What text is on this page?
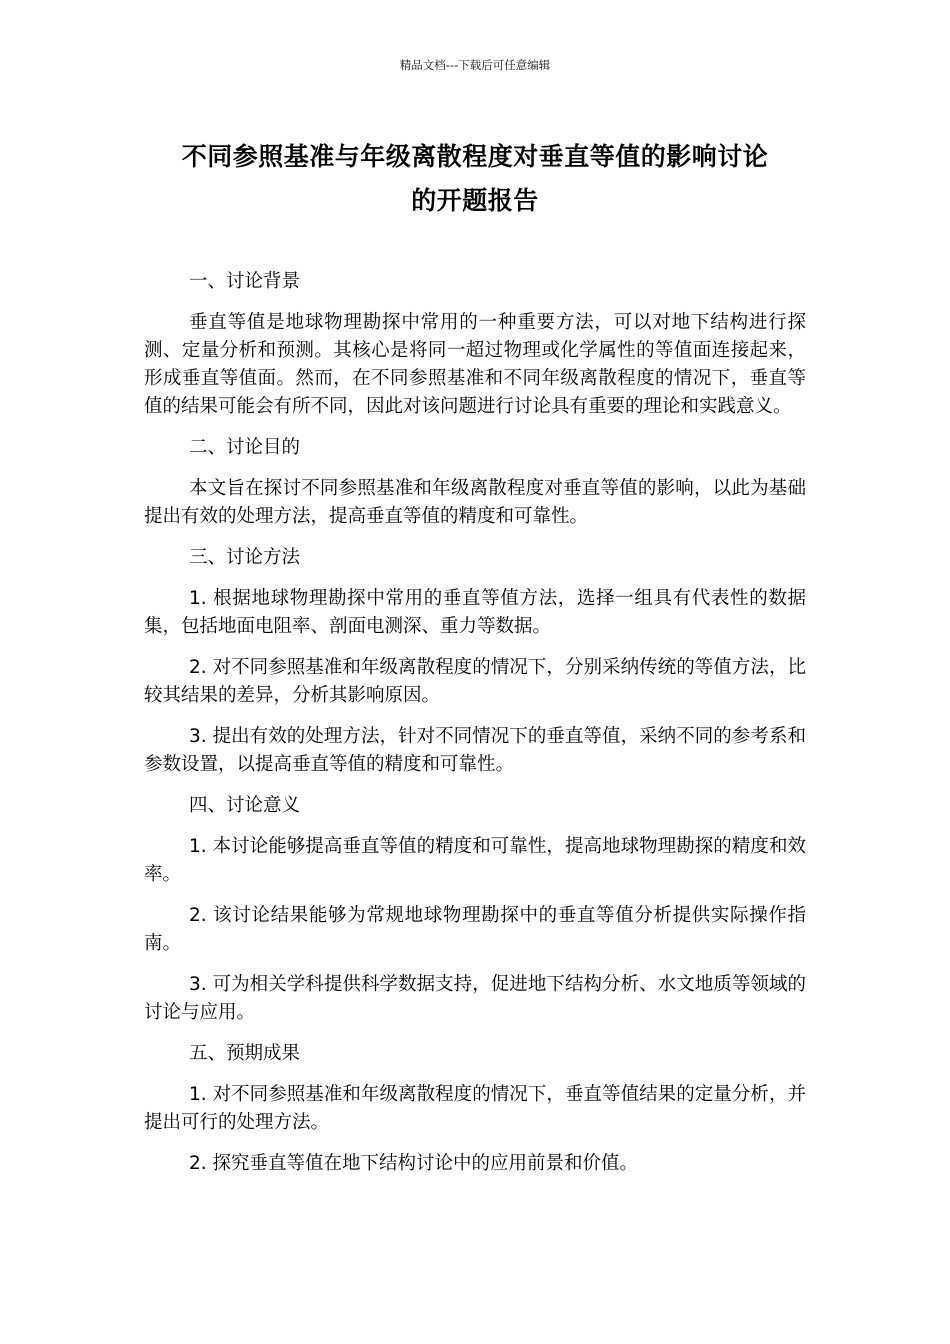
精品文档---下载后可任意编辑
不同参照基准与年级离散程度对垂直等值的影响讨论
的开题报告

一、讨论背景

垂直等值是地球物理勘探中常用的一种重要方法，可以对地下结构进行探测、定量分析和预测。其核心是将同一超过物理或化学属性的等值面连接起来，形成垂直等值面。然而，在不同参照基准和不同年级离散程度的情况下，垂直等值的结果可能会有所不同，因此对该问题进行讨论具有重要的理论和实践意义。

二、讨论目的

本文旨在探讨不同参照基准和年级离散程度对垂直等值的影响，以此为基础提出有效的处理方法，提高垂直等值的精度和可靠性。

三、讨论方法

1. 根据地球物理勘探中常用的垂直等值方法，选择一组具有代表性的数据集，包括地面电阻率、剖面电测深、重力等数据。

2. 对不同参照基准和年级离散程度的情况下，分别采纳传统的等值方法，比较其结果的差异，分析其影响原因。

3. 提出有效的处理方法，针对不同情况下的垂直等值，采纳不同的参考系和参数设置，以提高垂直等值的精度和可靠性。

四、讨论意义

1. 本讨论能够提高垂直等值的精度和可靠性，提高地球物理勘探的精度和效率。

2. 该讨论结果能够为常规地球物理勘探中的垂直等值分析提供实际操作指南。

3. 可为相关学科提供科学数据支持，促进地下结构分析、水文地质等领域的讨论与应用。

五、预期成果

1. 对不同参照基准和年级离散程度的情况下，垂直等值结果的定量分析，并提出可行的处理方法。

2. 探究垂直等值在地下结构讨论中的应用前景和价值。
